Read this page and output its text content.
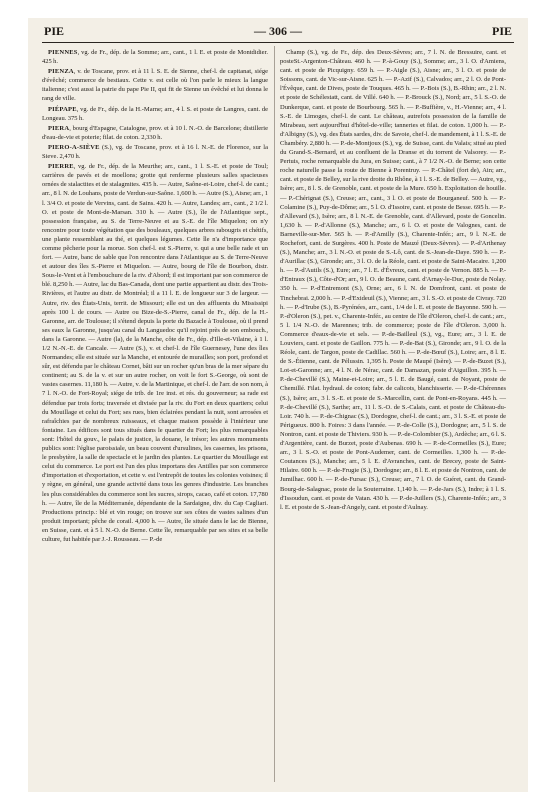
PIE	— 306 —	PIE

PIENNES, vg. de Fr., dép. de la Somme; arr., cant., 1 l. E. et poste de Montdidier. 425 h.

PIENZA, v. de Toscane, prov. et à 11 l. S. E. de Sienne, chef-l. de capitanat, siége d'évêché; commerce de bestiaux. Cette v. est celle où l'on parle le mieux la langue italienne; c'est aussi la patrie du pape Pie II, qui fit de Sienne un évêché et lui donna le rang de ville.

PIÉPAPE, vg. de Fr., dép. de la H.-Marne; arr., 4 l. S. et poste de Langres, cant. de Longeau. 375 h.

PIERA, bourg d'Espagne, Catalogne, prov. et à 10 l. N.-O. de Barcelone; distillerie d'eau-de-vie et poterie; filat. de coton. 2,330 h.

PIERO-A-SIÈVE (S.), vg. de Toscane, prov. et à 16 l. N.-E. de Florence, sur la Sieve. 2,470 h.

PIERRE, vg. de Fr., dép. de la Meurthe; arr., cant., 1 l. S.-E. et poste de Toul; carrières de pavés et de moellons; grotte qui renferme plusieurs salles spacieuses ornées de stalactites et de stalagmites. 435 h. — Autre, Saône-et-Loire, chef-l. de cant.; arr., 8 l. N. de Louhans, poste de Verdun-sur-Saône. 1,600 h. — Autre (S.), Aisne; arr., 1 l. 3/4 O. et poste de Vervins, cant. de Sains. 420 h. — Autre, Landes; arr., cant., 2 1/2 l. O. et poste de Mont-de-Marsan. 310 h. — Autre (S.), île de l'Atlantique sept., possession française, au S. de Terre-Neuve et au S.-E. de l'île Miquelon; on n'y rencontre pour toute végétation que des bouleaux, quelques arbres rabougris et chétifs, une plante ressemblant au thé, et quelques légumes. Cette île n'a d'importance que comme pêcherie pour la morue. Son chef-l. est S.-Pierre, v. qui a une belle rade et un fort. — Autre, banc de sable que l'on rencontre dans l'Atlantique au S. de Terre-Neuve et autour des îles S.-Pierre et Miquelon. — Autre, bourg de l'île de Bourbon, distr. Sous-le-Vent et à l'embouchure de la riv. d'Abord; il est important par son commerce de blé. 8,250 h. — Autre, lac du Bas-Canada, dont une partie appartient au distr. des Trois-Rivières, et l'autre au distr. de Montréal; il a 11 l. E. de longueur sur 3 de largeur. — Autre, riv. des États-Unis, territ. de Missouri; elle est un des affluents du Mississipi après 100 l. de cours. — Autre ou Bize-de-S.-Pierre, canal de Fr., dép. de la H.-Garonne, arr. de Toulouse; il s'étend depuis la porte du Bazacle à Toulouse, où il prend ses eaux la Garonne, jusqu'au canal du Languedoc qu'il rejoint près de son embouch., dans la Garonne. — Autre (la), de la Manche, côte de Fr., dép. d'Ille-et-Vilaine, à 1 l. 1/2 N.-N.-E. de Cancale. — Autre (S.), v. et chef-l. de l'île Guernesey, l'une des îles Normandes; elle est située sur la Manche, et entourée de murailles; son port, profond et sûr, est défendu par le château Cornet, bâti sur un rocher qu'un bras de la mer sépare du continent; au S. de la v. et sur un autre rocher, on voit le fort S.-George, où sont de vastes casernes. 11,180 h. — Autre, v. de la Martinique, et chef-l. de l'arr. de son nom, à 7 l. N.-O. de Fort-Royal; siége de trib. de 1re inst. et rés. du gouverneur; sa rade est défendue par trois forts; traversée et divisée par la riv. du Fort en deux quartiers; celui du Mouillage et celui du Fort; ses rues, bien éclairées pendant la nuit, sont arrosées et rafraîchies par de nombreux ruisseaux, et chaque maison possède à l'intérieur une fontaine. Les édifices sont tous situés dans le quartier du Fort; les plus remarquables sont: l'hôtel du gouv., le palais de justice, la douane, le trésor; les autres monuments publics sont: l'église paroissiale, un beau couvent d'ursulines, les casernes, les prisons, le presbytère, la salle de spectacle et le jardin des plantes. Le quartier du Mouillage est celui du commerce. Le port est l'un des plus importans des Antilles par son commerce d'importation et d'exportation, et cette v. est l'entrepôt de toutes les colonies voisines; il y règne, en général, une grande activité dans tous les genres d'industrie. Les branches les plus considérables du commerce sont les sucres, sirops, cacao, café et coton. 17,780 h. — Autre, île de la Méditerranée, dépendante de la Sardaigne, div. du Cap Cagliari. Productions princip.: blé et vin rouge; on trouve sur ses côtes de vastes salines d'un produit important; pêche de corail. 4,000 h. — Autre, île située dans le lac de Bienne, en Suisse, cant. et à 5 l. N.-O. de Berne. Cette île, remarquable par ses sites et sa belle culture, fut habitée par J.-J. Rousseau. — P.-de

Champ (S.), vg. de Fr., dép. des Deux-Sèvres; arr., 7 l. N. de Bressuire, cant. et posteSt.-Argenton-Château. 460 h. — P.-à-Gouy (S.), Somme; arr., 3 l. O. d'Amiens, cant. et poste de Picquigny. 659 h. — P.-Aigle (S.), Aisne; arr., 3 l. O. et poste de Soissons, cant. de Vic-sur-Aisne. 625 h. — P.-Azif (S.), Calvados; arr., 2 l. O. de Pont-l'Évêque, cant. de Dives, poste de Touques. 465 h. — P.-Bois (S.), B.-Rhin; arr., 2 l. N. et poste de Schélestatt, cant. de Villé. 640 h. — P.-Brouck (S.), Nord; arr., 5 l. S.-O. de Dunkerque, cant. et poste de Bourbourg. 565 h. — P.-Buffière, v., H.-Vienne; arr., 4 l. S.-E. de Limoges, chef-l. de cant. Le château, autrefois possession de la famille de Mirabeau, sert aujourd'hui d'hôtel-de-ville; tanneries et filat. de coton. 1,000 h. — P.-d'Albigny (S.), vg. des États sardes, div. de Savoie, chef-l. de mandement, à 1 l. S.-E. de Chambéry. 2,880 h. — P.-de-Montjoux (S.), vg. de Suisse, cant. du Valais; situé au pied du Grand-S.-Bernard, et au confluent de la Dranse et du torrent de Valsorey. — P.-Pertuis, roche remarquable du Jura, en Suisse; cant., à 7 1/2 N.-O. de Berne; son cette roche naturelle passe la route de Bienne à Porentruy. — P.-Châtel (fort de), Ain; arr., cant. et poste de Belley, sur la rive droite du Rhône, à 1 l. S.-E. de Belley. — Autre, vg., Isère; arr., 8 l. S. de Grenoble, cant. et poste de la Mure. 650 h. Exploitation de houille. — P.-Chérignat (S.), Creuse; arr., cant., 3 l. O. et poste de Bourganeuf. 500 h. — P.-Colamine (S.), Puy-de-Dôme; arr., 5 l. O. d'Issoire, cant. et poste de Besse. 695 h. — P.-d'Allevard (S.), Isère; arr., 8 l. N.-E. de Grenoble, cant. d'Allevard, poste de Goncelin. 1,630 h. — P.-d'Allonne (S.), Manche; arr., 6 l. O. et poste de Valognes, cant. de Barneville-sur-Mer. 565 h. — P.-d'Amilly (S.), Charente-Infér.; arr., 9 l. N.-E. de Rochefort, cant. de Surgères. 400 h. Poste de Mauzé (Deux-Sèvres). — P.-d'Arthenay (S.), Manche; arr., 3 l. N.-O. et poste de S.-Lô, cant. de S.-Jean-de-Daye. 590 h. — P.-d'Aurillac (S.), Gironde; arr., 3 l. O. de la Réole, cant. et poste de Saint-Macaire. 1,200 h. — P.-d'Autils (S.), Eure; arr., 7 l. E. d'Évreux, cant. et poste de Vernon. 885 h. — P.-d'Entraux (S.), Côte-d'Or; arr., 9 l. O. de Beaune, cant. d'Arnay-le-Duc, poste de Nolay. 350 h. — P.-d'Entremont (S.), Orne; arr., 6 l. N. de Domfront, cant. et poste de Tinchebrai. 2,000 h. — P.-d'Exideuil (S.), Vienne; arr., 3 l. S.-O. et poste de Civray. 720 h. — P.-d'Irube (S.), B.-Pyrénées, arr., cant., 1/4 de l. E. et poste de Bayonne. 590 h. — P.-d'Oleron (S.), pet. v., Charente-Infér., au centre de l'île d'Oleron, chef-l. de cant.; arr., 5 l. 1/4 N.-O. de Marennes; trib. de commerce; poste de l'île d'Oleron. 3,000 h. Commerce d'eaux-de-vie et sels. — P.-de-Bailleul (S.), vg., Eure; arr., 3 l. E. de Louviers, cant. et poste de Gaillon. 775 h. — P.-de-Bat (S.), Gironde; arr., 9 l. O. de la Réole, cant. de Targon, poste de Cadillac. 560 h. — P.-de-Bœuf (S.), Loire; arr., 8 l. E. de S.-Étienne, cant. de Pélussin. 1,395 h. Poste de Maupé (Isère). — P.-de-Buzet (S.), Lot-et-Garonne; arr., 4 l. N. de Nérac, cant. de Damazan, poste d'Aiguillon. 395 h. — P.-de-Chevillé (S.), Maine-et-Loire; arr., 5 l. E. de Baugé, cant. de Noyant, poste de Chemillé. Filat. hydraul. de coton; fabr. de calicots, blanchisserie. — P.-de-Chérennes (S.), Isère; arr., 3 l. S.-E. et poste de S.-Marcellin, cant. de Pont-en-Royans. 445 h. — P.-de-Chevillé (S.), Sarthe; arr., 11 l. S.-O. de S.-Calais, cant. et poste de Château-du-Loir. 740 h. — P.-de-Chignac (S.), Dordogne, chef-l. de cant.; arr., 3 l. S.-E. et poste de Périgueux. 800 h. Foires: 3 dans l'année. — P.-de-Colle (S.), Dordogne; arr., 5 l. S. de Nontron, cant. et poste de Thiviers. 930 h. — P.-de-Colombier (S.), Ardèche; arr., 6 l. S. d'Argentière, cant. de Burzet, poste d'Aubenas. 690 h. — P.-de-Cormeilles (S.), Eure; arr., 3 l. S.-O. et poste de Pont-Audemer, cant. de Cormeilles. 1,300 h. — P.-de-Coutances (S.), Manche; arr., 5 l. E. d'Avranches, cant. de Brecey, poste de Saint-Hilaire. 600 h. — P.-de-Frugie (S.), Dordogne; arr., 8 l. E. et poste de Nontron, cant. de Jumilhac. 600 h. — P.-de-Fursac (S.), Creuse; arr., 7 l. O. de Guéret, cant. du Grand-Bourg-de-Salagnac, poste de la Souterraine. 1,140 h. — P.-de-Jars (S.), Indre; à 1 l. S. d'Issoudun, cant. et poste de Vatan. 430 h. — P.-de-Juillers (S.), Charente-Infér.; arr., 3 l. E. et poste de S.-Jean-d'Angely, cant. et poste d'Aulnay.
